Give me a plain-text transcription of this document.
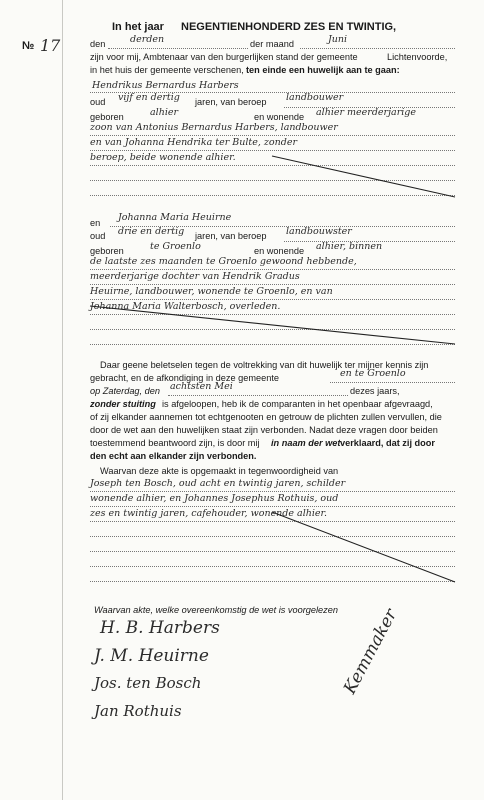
№ 17
In het jaar NEGENTIENHONDERD ZES EN TWINTIG,
den	derden	der maand	Juni
zijn voor mij, Ambtenaar van den burgerlijken stand der gemeente	Lichtenvoorde,
in het huis der gemeente verschenen, ten einde een huwelijk aan te gaan:
Hendrikus Bernardus Harbers
oud vijf en dertig jaren, van beroep landbouwer
geboren	alhier	en wonende alhier meerderjarige
zoon van Antonius Bernardus Harbers, landbouwer
en van Johanna Hendrika ter Bulte, zonder
beroep, beide wonende alhier.
en Johanna Maria Heuirne
oud drie en dertig jaren, van beroep landbouwster
geboren	te Groenlo	en wonende alhier, binnen
de laatste zes maanden te Groenlo gewoond hebbende,
meerderjarige dochter van Hendrik Gradus
Heuirne, landbouwer, wonende te Groenlo, en van
Johanna Maria Walterbosch, overleden.
Daar geene beletselen tegen de voltrekking van dit huwelijk ter mijner kennis zijn
gebracht, en de afkondiging in deze gemeente	en te Groenlo
op Zaterdag, den achtsten Mei	dezes jaars,
zonder stuiting is afgeloopen, heb ik de comparanten in het openbaar afgevraagd,
of zij elkander aannemen tot echtgenooten en getrouw de plichten zullen vervullen, die
door de wet aan den huwelijken staat zijn verbonden. Nadat deze vragen door beiden
toestemmend beantwoord zijn, is door mij in naam der wet verklaard, dat zij door
den echt aan elkander zijn verbonden.
Waarvan deze akte is opgemaakt in tegenwoordigheid van
Joseph ten Bosch, oud acht en twintig jaren, schilder
wonende alhier, en Johannes Josephus Rothuis, oud
zes en twintig jaren, cafehouder, wonende alhier.
Waarvan akte, welke overeenkomstig de wet is voorgelezen
H. B. Harbers
J. M. Heuirne
Jos. ten Bosch
Jan Rothuis
Kemmaker
